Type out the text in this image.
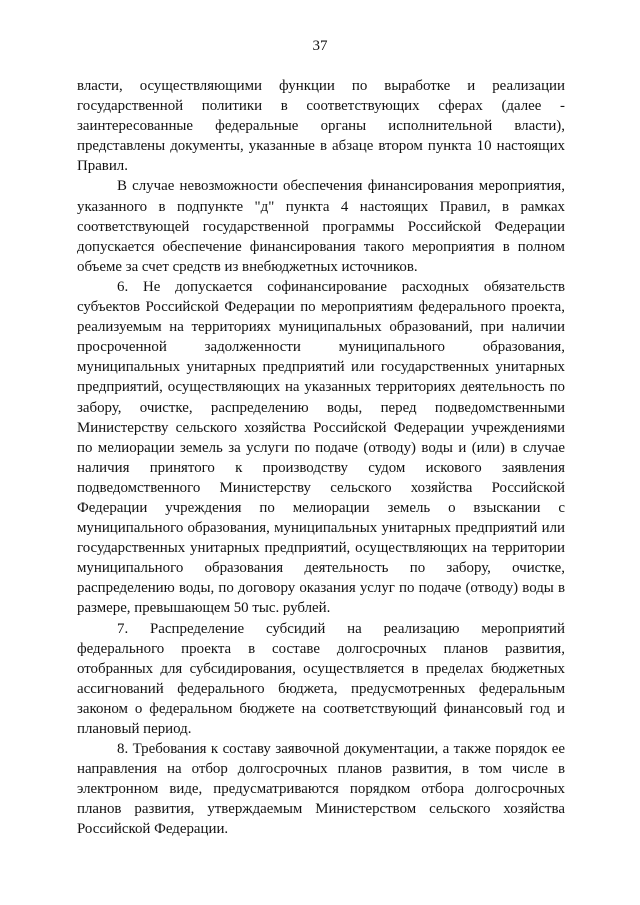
37

власти, осуществляющими функции по выработке и реализации государственной политики в соответствующих сферах (далее - заинтересованные федеральные органы исполнительной власти), представлены документы, указанные в абзаце втором пункта 10 настоящих Правил.

В случае невозможности обеспечения финансирования мероприятия, указанного в подпункте "д" пункта 4 настоящих Правил, в рамках соответствующей государственной программы Российской Федерации допускается обеспечение финансирования такого мероприятия в полном объеме за счет средств из внебюджетных источников.

6. Не допускается софинансирование расходных обязательств субъектов Российской Федерации по мероприятиям федерального проекта, реализуемым на территориях муниципальных образований, при наличии просроченной задолженности муниципального образования, муниципальных унитарных предприятий или государственных унитарных предприятий, осуществляющих на указанных территориях деятельность по забору, очистке, распределению воды, перед подведомственными Министерству сельского хозяйства Российской Федерации учреждениями по мелиорации земель за услуги по подаче (отводу) воды и (или) в случае наличия принятого к производству судом искового заявления подведомственного Министерству сельского хозяйства Российской Федерации учреждения по мелиорации земель о взыскании с муниципального образования, муниципальных унитарных предприятий или государственных унитарных предприятий, осуществляющих на территории муниципального образования деятельность по забору, очистке, распределению воды, по договору оказания услуг по подаче (отводу) воды в размере, превышающем 50 тыс. рублей.

7. Распределение субсидий на реализацию мероприятий федерального проекта в составе долгосрочных планов развития, отобранных для субсидирования, осуществляется в пределах бюджетных ассигнований федерального бюджета, предусмотренных федеральным законом о федеральном бюджете на соответствующий финансовый год и плановый период.

8. Требования к составу заявочной документации, а также порядок ее направления на отбор долгосрочных планов развития, в том числе в электронном виде, предусматриваются порядком отбора долгосрочных планов развития, утверждаемым Министерством сельского хозяйства Российской Федерации.
